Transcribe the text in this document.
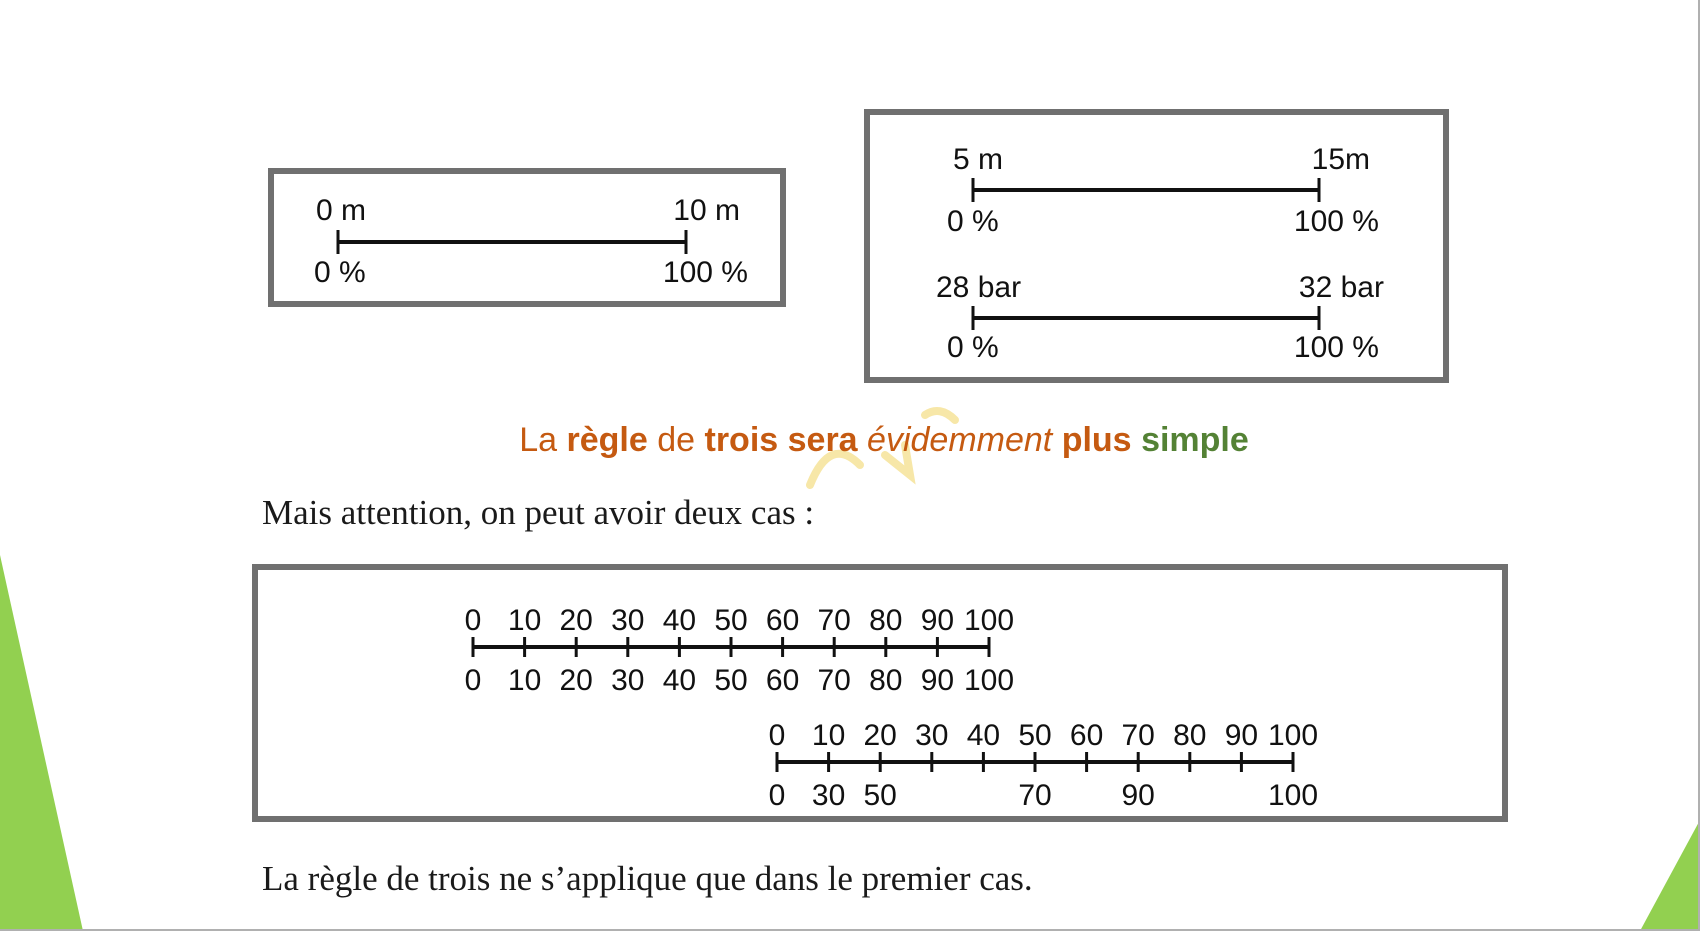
0 m	10 m
0 %	100 %
5 m	15m
0 %	100 %
28 bar	32 bar
0 %	100 %
La règle de trois sera évidemment plus simple
Mais attention, on peut avoir deux cas :
0 10 20 30 40 50 60 70 80 90 100
0 10 20 30 40 50 60 70 80 90 100
0 10 20 30 40 50 60 70 80 90 100
0 30 50	70 90	100
La règle de trois ne s’applique que dans le premier cas.
